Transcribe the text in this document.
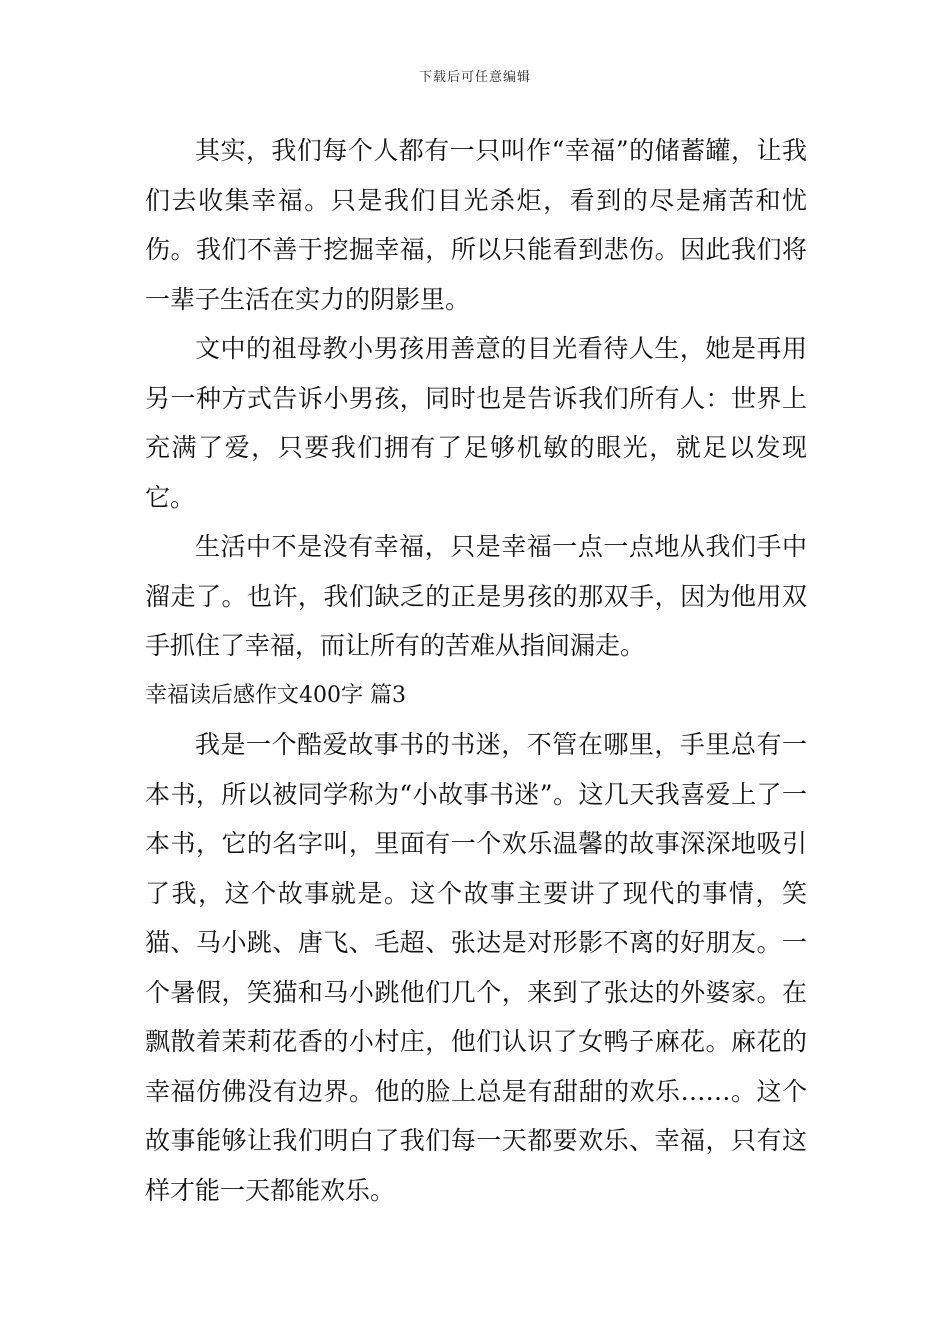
下载后可任意编辑

其实，我们每个人都有一只叫作“幸福”的储蓄罐，让我们去收集幸福。只是我们目光杀炬，看到的尽是痛苦和忧伤。我们不善于挖掘幸福，所以只能看到悲伤。因此我们将一辈子生活在实力的阴影里。

文中的祖母教小男孩用善意的目光看待人生，她是再用另一种方式告诉小男孩，同时也是告诉我们所有人：世界上充满了爱，只要我们拥有了足够机敏的眼光，就足以发现它。

生活中不是没有幸福，只是幸福一点一点地从我们手中溜走了。也许，我们缺乏的正是男孩的那双手，因为他用双手抓住了幸福，而让所有的苦难从指间漏走。

幸福读后感作文400字 篇3

我是一个酷爱故事书的书迷，不管在哪里，手里总有一本书，所以被同学称为“小故事书迷”。这几天我喜爱上了一本书，它的名字叫，里面有一个欢乐温馨的故事深深地吸引了我，这个故事就是。这个故事主要讲了现代的事情，笑猫、马小跳、唐飞、毛超、张达是对形影不离的好朋友。一个暑假，笑猫和马小跳他们几个，来到了张达的外婆家。在飘散着茉莉花香的小村庄，他们认识了女鸭子麻花。麻花的幸福仿佛没有边界。他的脸上总是有甜甜的欢乐……。这个故事能够让我们明白了我们每一天都要欢乐、幸福，只有这样才能一天都能欢乐。
